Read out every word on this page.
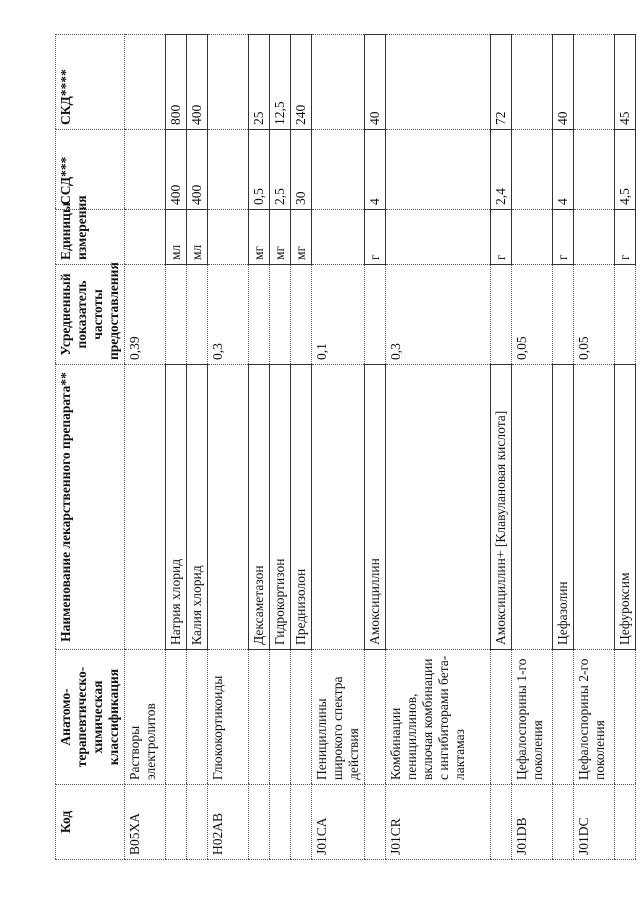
Код	Анатомо-терапевтическо-химическая классификация	Наименование лекарственного препарата**	Усредненный показатель частоты предоставления	Единицы измерения	ССД***	СКД****
B05XA	Растворы электролитов		0,39			
		Натрия хлорид		мл	400	800
		Калия хлорид		мл	400	400
H02AB	Глюкокортикоиды		0,3			
		Дексаметазон		мг	0,5	25
		Гидрокортизон		мг	2,5	12,5
		Преднизолон		мг	30	240
J01CA	Пенициллины широкого спектра действия		0,1			
		Амоксициллин		г	4	40
J01CR	Комбинации пенициллинов, включая комбинации с ингибиторами бета-лактамаз		0,3			
		Амоксициллин+ [Клавулановая кислота]		г	2,4	72
J01DB	Цефалоспорины 1-го поколения		0,05			
		Цефазолин		г	4	40
J01DC	Цефалоспорины 2-го поколения		0,05			
		Цефуроксим		г	4,5	45
